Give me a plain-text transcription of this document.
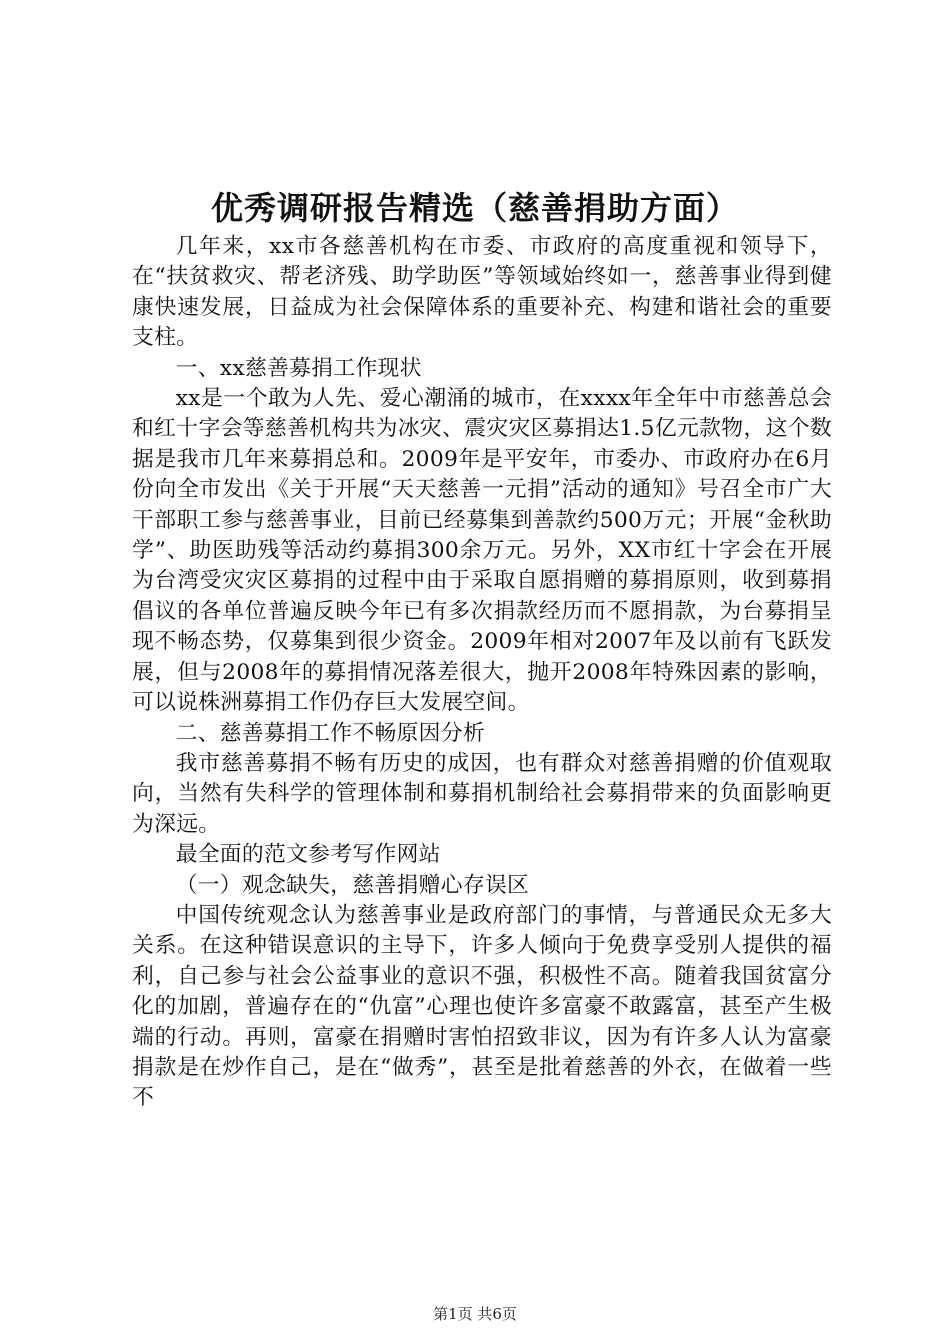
优秀调研报告精选（慈善捐助方面）

几年来，xx市各慈善机构在市委、市政府的高度重视和领导下，在“扶贫救灾、帮老济残、助学助医”等领域始终如一，慈善事业得到健康快速发展，日益成为社会保障体系的重要补充、构建和谐社会的重要支柱。

一、xx慈善募捐工作现状

xx是一个敢为人先、爱心潮涌的城市，在xxxx年全年中市慈善总会和红十字会等慈善机构共为冰灾、震灾灾区募捐达1.5亿元款物，这个数据是我市几年来募捐总和。2009年是平安年，市委办、市政府办在6月份向全市发出《关于开展“天天慈善一元捐”活动的通知》号召全市广大干部职工参与慈善事业，目前已经募集到善款约500万元；开展“金秋助学”、助医助残等活动约募捐300余万元。另外，XX市红十字会在开展为台湾受灾灾区募捐的过程中由于采取自愿捐赠的募捐原则，收到募捐倡议的各单位普遍反映今年已有多次捐款经历而不愿捐款，为台募捐呈现不畅态势，仅募集到很少资金。2009年相对2007年及以前有飞跃发展，但与2008年的募捐情况落差很大，抛开2008年特殊因素的影响，可以说株洲募捐工作仍存巨大发展空间。

二、慈善募捐工作不畅原因分析

我市慈善募捐不畅有历史的成因，也有群众对慈善捐赠的价值观取向，当然有失科学的管理体制和募捐机制给社会募捐带来的负面影响更为深远。

最全面的范文参考写作网站

（一）观念缺失，慈善捐赠心存误区

中国传统观念认为慈善事业是政府部门的事情，与普通民众无多大关系。在这种错误意识的主导下，许多人倾向于免费享受别人提供的福利，自己参与社会公益事业的意识不强，积极性不高。随着我国贫富分化的加剧，普遍存在的“仇富”心理也使许多富豪不敢露富，甚至产生极端的行动。再则，富豪在捐赠时害怕招致非议，因为有许多人认为富豪捐款是在炒作自己，是在“做秀”，甚至是批着慈善的外衣，在做着一些不

第1页 共6页
